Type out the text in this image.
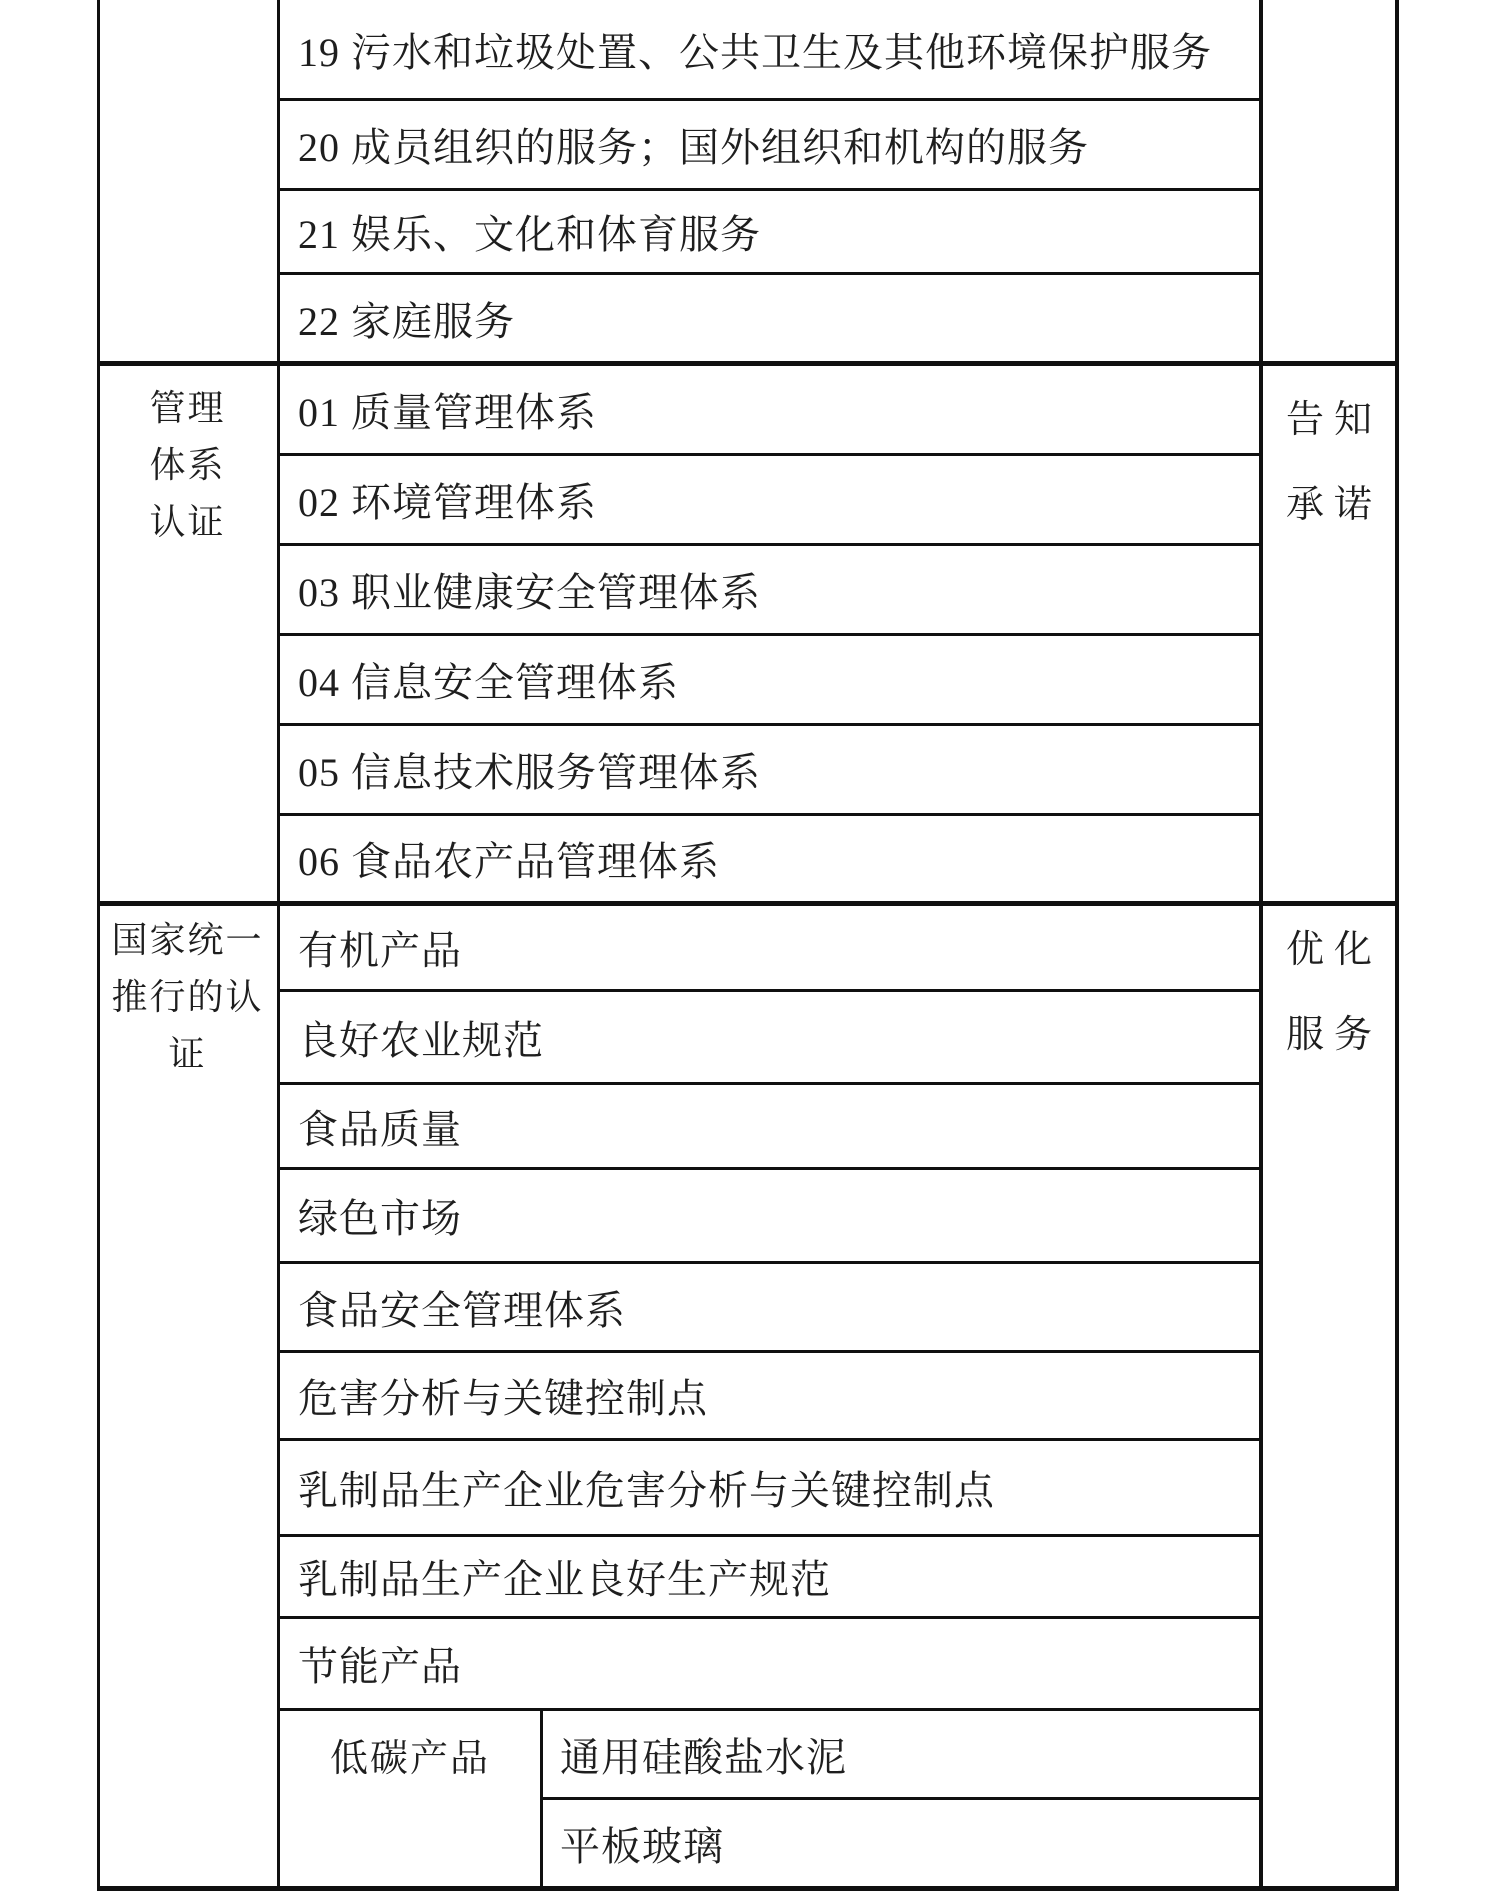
19 污水和垃圾处置、公共卫生及其他环境保护服务
20 成员组织的服务；国外组织和机构的服务
21 娱乐、文化和体育服务
22 家庭服务
管理
体系
认证
01 质量管理体系
02 环境管理体系
03 职业健康安全管理体系
04 信息安全管理体系
05 信息技术服务管理体系
06 食品农产品管理体系
告知
承诺
国家统一
推行的认
证
有机产品
良好农业规范
食品质量
绿色市场
食品安全管理体系
危害分析与关键控制点
乳制品生产企业危害分析与关键控制点
乳制品生产企业良好生产规范
节能产品
低碳产品	通用硅酸盐水泥
平板玻璃
优化
服务
